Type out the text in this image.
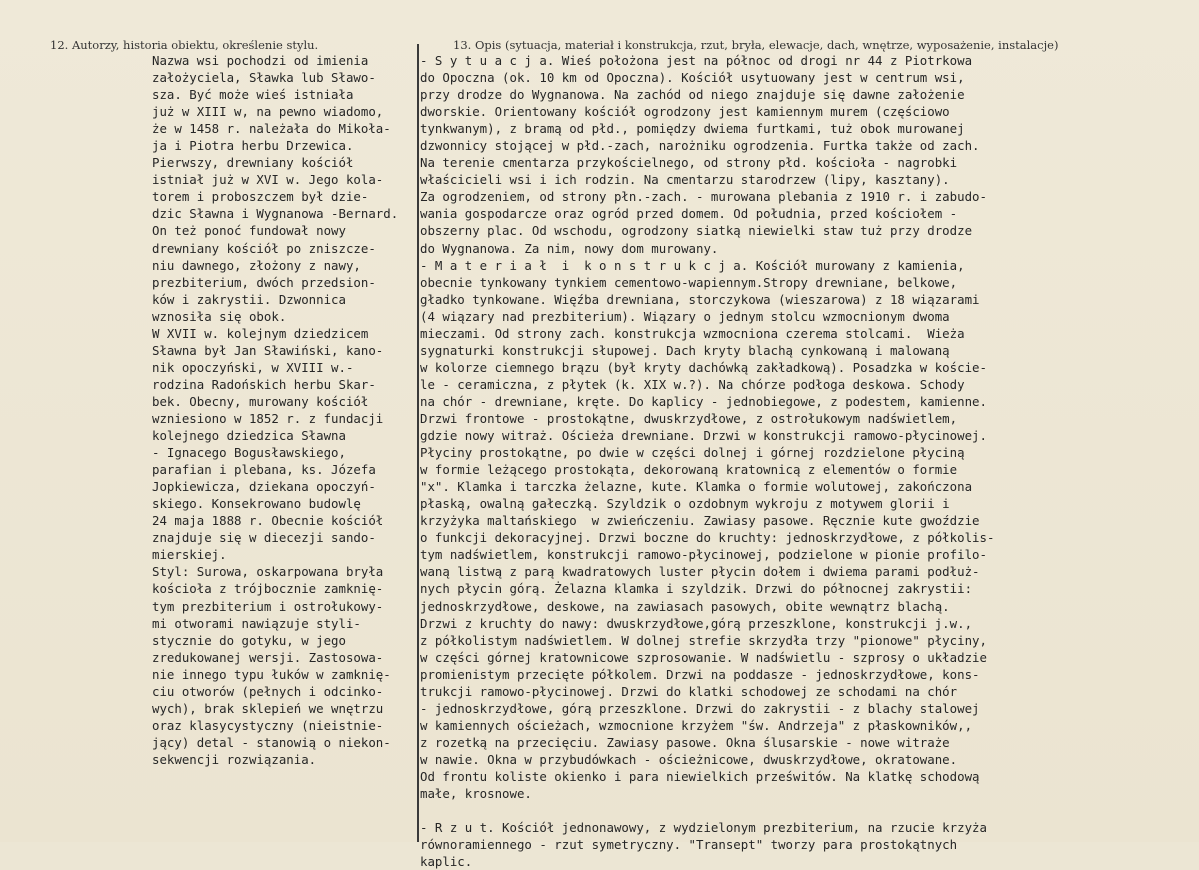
12. Autorzy, historia obiektu, określenie stylu.	13. Opis (sytuacja, materiał i konstrukcja, rzut, bryła, elewacje, dach, wnętrze, wyposażenie, instalacje)
Nazwa wsi pochodzi od imienia
założyciela, Sławka lub Sławo-
sza. Być może wieś istniała
już w XIII w, na pewno wiadomo,
że w 1458 r. należała do Mikoła-
ja i Piotra herbu Drzewica.
Pierwszy, drewniany kościół
istniał już w XVI w. Jego kola-
torem i proboszczem był dzie-
dzic Sławna i Wygnanowa -Bernard.
On też ponoć fundował nowy
drewniany kościół po zniszcze-
niu dawnego, złożony z nawy,
prezbiterium, dwóch przedsion-
ków i zakrystii. Dzwonnica
wznosiła się obok.
W XVII w. kolejnym dziedzicem
Sławna był Jan Sławiński, kano-
nik opoczyński, w XVIII w.-
rodzina Radońskich herbu Skar-
bek. Obecny, murowany kościół
wzniesiono w 1852 r. z fundacji
kolejnego dziedzica Sławna
- Ignacego Bogusławskiego,
parafian i plebana, ks. Józefa
Jopkiewicza, dziekana opoczyń-
skiego. Konsekrowano budowlę
24 maja 1888 r. Obecnie kościół
znajduje się w diecezji sando-
mierskiej.
Styl: Surowa, oskarpowana bryła
kościoła z trójbocznie zamknię-
tym prezbiterium i ostrołukowy-
mi otworami nawiązuje styli-
stycznie do gotyku, w jego
zredukowanej wersji. Zastosowa-
nie innego typu łuków w zamknię-
ciu otworów (pełnych i odcinko-
wych), brak sklepień we wnętrzu
oraz klasycystyczny (nieistnie-
jący) detal - stanowią o niekon-
sekwencji rozwiązania.
- S y t u a c j a. Wieś położona jest na północ od drogi nr 44 z Piotrkowa
do Opoczna (ok. 10 km od Opoczna). Kościół usytuowany jest w centrum wsi,
przy drodze do Wygnanowa. Na zachód od niego znajduje się dawne założenie
dworskie. Orientowany kościół ogrodzony jest kamiennym murem (częściowo
tynkwanym), z bramą od płd., pomiędzy dwiema furtkami, tuż obok murowanej
dzwonnicy stojącej w płd.-zach, narożniku ogrodzenia. Furtka także od zach.
Na terenie cmentarza przykościelnego, od strony płd. kościoła - nagrobki
właścicieli wsi i ich rodzin. Na cmentarzu starodrzew (lipy, kasztany).
Za ogrodzeniem, od strony płn.-zach. - murowana plebania z 1910 r. i zabudo-
wania gospodarcze oraz ogród przed domem. Od południa, przed kościołem -
obszerny plac. Od wschodu, ogrodzony siatką niewielki staw tuż przy drodze
do Wygnanowa. Za nim, nowy dom murowany.
- M a t e r i a ł  i  k o n s t r u k c j a. Kościół murowany z kamienia,
obecnie tynkowany tynkiem cementowo-wapiennym.Stropy drewniane, belkowe,
gładko tynkowane. Więźba drewniana, storczykowa (wieszarowa) z 18 wiązarami
(4 wiązary nad prezbiterium). Wiązary o jednym stolcu wzmocnionym dwoma
mieczami. Od strony zach. konstrukcja wzmocniona czerema stolcami.  Wieża
sygnaturki konstrukcji słupowej. Dach kryty blachą cynkowaną i malowaną
w kolorze ciemnego brązu (był kryty dachówką zakładkową). Posadzka w koście-
le - ceramiczna, z płytek (k. XIX w.?). Na chórze podłoga deskowa. Schody
na chór - drewniane, kręte. Do kaplicy - jednobiegowe, z podestem, kamienne.
Drzwi frontowe - prostokątne, dwuskrzydłowe, z ostrołukowym nadświetlem,
gdzie nowy witraż. Ościeża drewniane. Drzwi w konstrukcji ramowo-płycinowej.
Płyciny prostokątne, po dwie w części dolnej i górnej rozdzielone płyciną
w formie leżącego prostokąta, dekorowaną kratownicą z elementów o formie
"x". Klamka i tarczka żelazne, kute. Klamka o formie wolutowej, zakończona
płaską, owalną gałeczką. Szyldzik o ozdobnym wykroju z motywem glorii i
krzyżyka maltańskiego  w zwieńczeniu. Zawiasy pasowe. Ręcznie kute gwoździe
o funkcji dekoracyjnej. Drzwi boczne do kruchty: jednoskrzydłowe, z półkolis-
tym nadświetlem, konstrukcji ramowo-płycinowej, podzielone w pionie profilo-
waną listwą z parą kwadratowych luster płycin dołem i dwiema parami podłuż-
nych płycin górą. Żelazna klamka i szyldzik. Drzwi do północnej zakrystii:
jednoskrzydłowe, deskowe, na zawiasach pasowych, obite wewnątrz blachą.
Drzwi z kruchty do nawy: dwuskrzydłowe,górą przeszklone, konstrukcji j.w.,
z półkolistym nadświetlem. W dolnej strefie skrzydła trzy "pionowe" płyciny,
w części górnej kratownicowe szprosowanie. W nadświetlu - szprosy o układzie
promienistym przecięte półkolem. Drzwi na poddasze - jednoskrzydłowe, kons-
trukcji ramowo-płycinowej. Drzwi do klatki schodowej ze schodami na chór
- jednoskrzydłowe, górą przeszklone. Drzwi do zakrystii - z blachy stalowej
w kamiennych ościeżach, wzmocnione krzyżem "św. Andrzeja" z płaskowników,,
z rozetką na przecięciu. Zawiasy pasowe. Okna ślusarskie - nowe witraże
w nawie. Okna w przybudówkach - ościeżnicowe, dwuskrzydłowe, okratowane.
Od frontu koliste okienko i para niewielkich prześwitów. Na klatkę schodową
małe, krosnowe.

- R z u t. Kościół jednonawowy, z wydzielonym prezbiterium, na rzucie krzyża
równoramiennego - rzut symetryczny. "Transept" tworzy para prostokątnych
kaplic.
